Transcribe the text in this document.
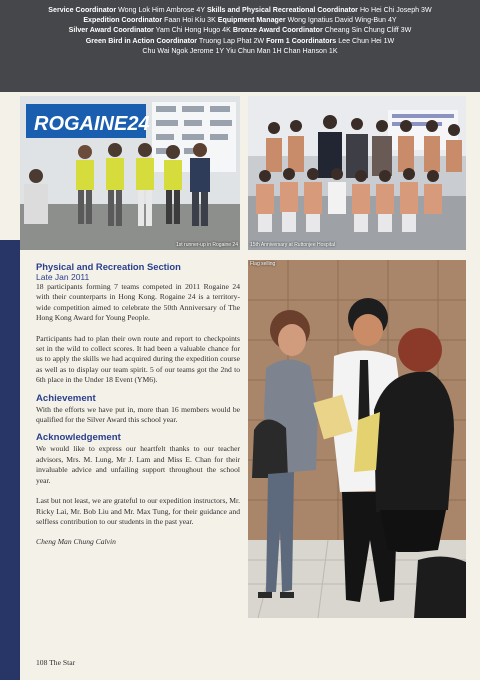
Service Coordinator Wong Lok Him Ambrose 4Y Skills and Physical Recreational Coordinator Ho Hei Chi Joseph 3W
Expedition Coordinator Faan Hoi Kiu 3K Equipment Manager Wong Ignatius David Wing-Bun 4Y
Silver Award Coordinator Yam Chi Hong Hugo 4K Bronze Award Coordinator Cheang Sin Chung Cliff 3W
Green Bird in Action Coordinator Truong Lap Phat 2W Form 1 Coordinators Lee Chun Hei 1W
Chu Wai Ngok Jerome 1Y Yiu Chun Man 1H Chan Hanson 1K
ROGAINE24
1st runner-up in Rogaine 24 15th Anniversary at Ruttonjee Hospital
Flag selling
Physical and Recreation Section
Late Jan 2011

18 participants forming 7 teams competed in 2011 Rogaine 24 with their counterparts in Hong Kong. Rogaine 24 is a territory-wide competition aimed to celebrate the 50th Anniversary of The Hong Kong Award for Young People.

Participants had to plan their own route and report to checkpoints set in the wild to collect scores. It had been a valuable chance for us to apply the skills we had acquired during the expedition course as well as to display our team spirit. 5 of our teams got the 2nd to 6th place in the Under 18 Event (YM6).

Achievement

With the efforts we have put in, more than 16 members would be qualified for the Silver Award this school year.

Acknowledgement

We would like to express our heartfelt thanks to our teacher advisors, Mrs. M. Lung, Mr J. Lam and Miss E. Chan for their invaluable advice and unfailing support throughout the school year.

Last but not least, we are grateful to our expedition instructors, Mr. Ricky Lai, Mr. Bob Liu and Mr. Max Tung, for their guidance and selfless contribution to our students in the past year.

Cheng Man Chung Calvin
108 The Star
